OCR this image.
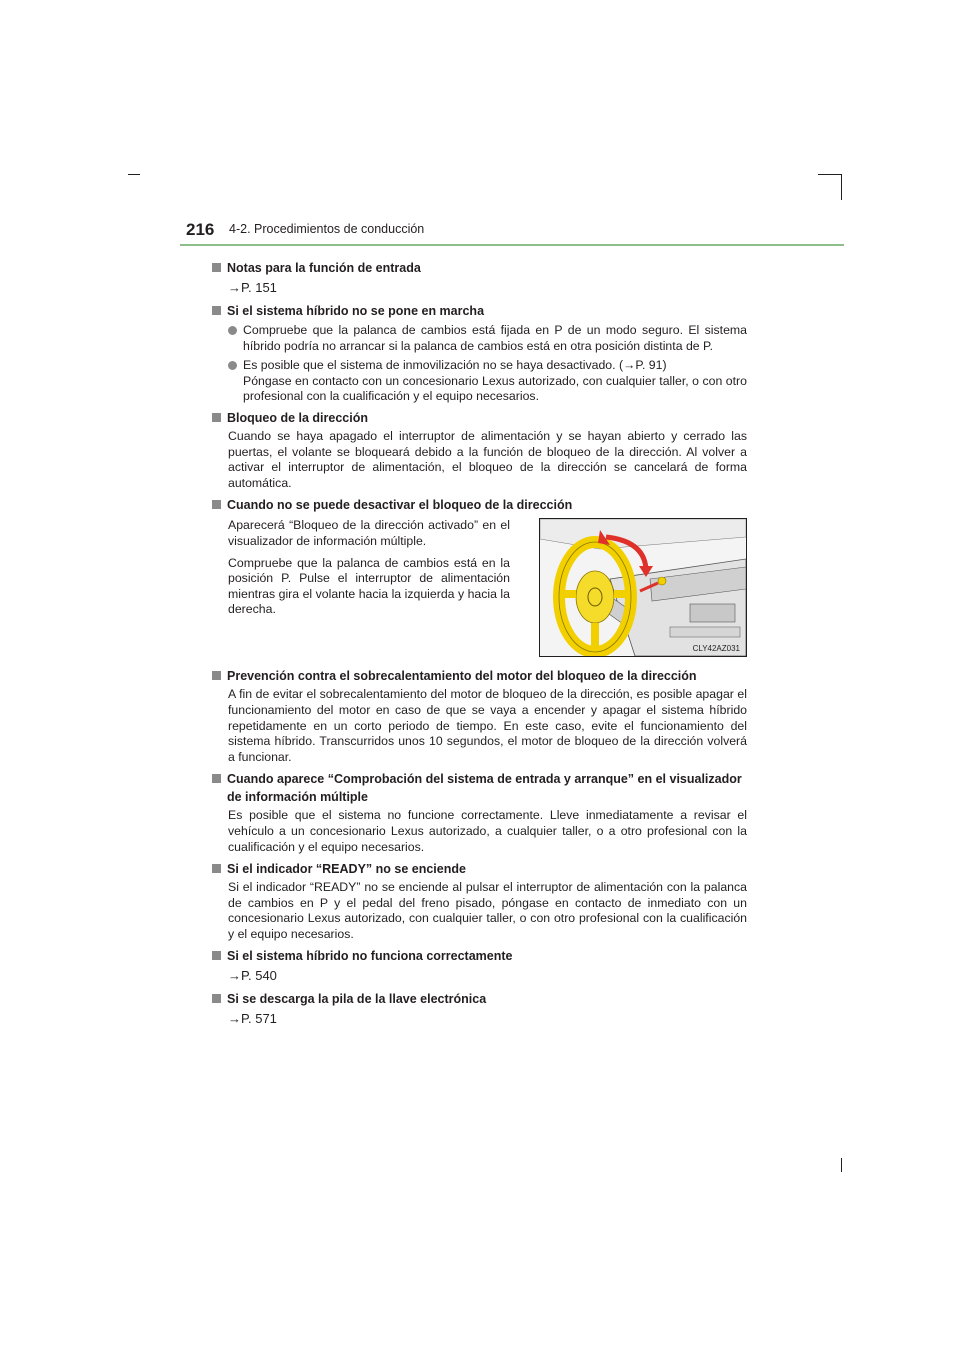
216 4-2. Procedimientos de conducción
Notas para la función de entrada
→P. 151
Si el sistema híbrido no se pone en marcha

Compruebe que la palanca de cambios está fijada en P de un modo seguro. El sistema híbrido podría no arrancar si la palanca de cambios está en otra posición distinta de P.

Es posible que el sistema de inmovilización no se haya desactivado. (→P. 91)

Póngase en contacto con un concesionario Lexus autorizado, con cualquier taller, o con otro profesional con la cualificación y el equipo necesarios.

Bloqueo de la dirección
Cuando se haya apagado el interruptor de alimentación y se hayan abierto y cerrado las puertas, el volante se bloqueará debido a la función de bloqueo de la dirección. Al volver a activar el interruptor de alimentación, el bloqueo de la dirección se cancelará de forma automática.
Cuando no se puede desactivar el bloqueo de la dirección

Aparecerá “Bloqueo de la dirección activado” en el visualizador de información múltiple.

Compruebe que la palanca de cambios está en la posición P. Pulse el interruptor de alimentación mientras gira el volante hacia la izquierda y hacia la derecha.

CLY42AZ031
Prevención contra el sobrecalentamiento del motor del bloqueo de la dirección
A fin de evitar el sobrecalentamiento del motor de bloqueo de la dirección, es posible apagar el funcionamiento del motor en caso de que se vaya a encender y apagar el sistema híbrido repetidamente en un corto periodo de tiempo. En este caso, evite el funcionamiento del sistema híbrido. Transcurridos unos 10 segundos, el motor de bloqueo de la dirección volverá a funcionar.
Cuando aparece “Comprobación del sistema de entrada y arranque” en el visualizador de información múltiple
Es posible que el sistema no funcione correctamente. Lleve inmediatamente a revisar el vehículo a un concesionario Lexus autorizado, a cualquier taller, o a otro profesional con la cualificación y el equipo necesarios.
Si el indicador “READY” no se enciende
Si el indicador “READY” no se enciende al pulsar el interruptor de alimentación con la palanca de cambios en P y el pedal del freno pisado, póngase en contacto de inmediato con un concesionario Lexus autorizado, con cualquier taller, o con otro profesional con la cualificación y el equipo necesarios.
Si el sistema híbrido no funciona correctamente
→P. 540
Si se descarga la pila de la llave electrónica
→P. 571
